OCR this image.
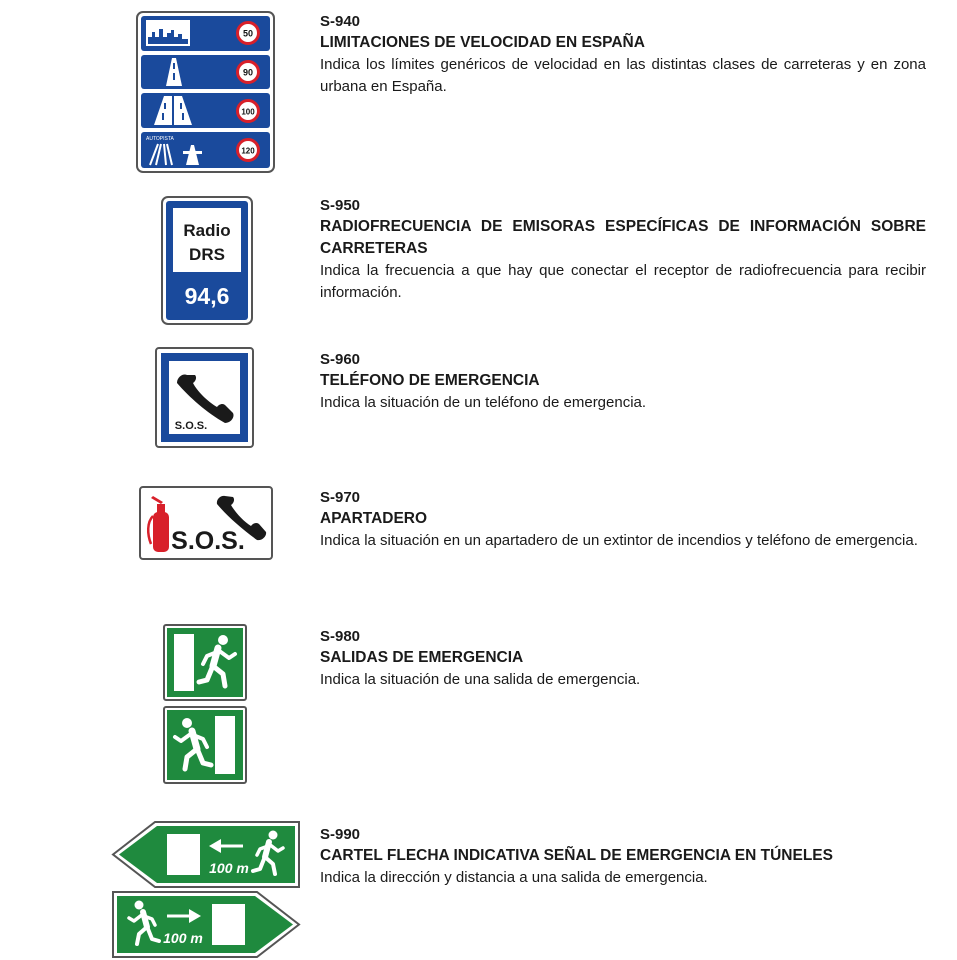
S-940
LIMITACIONES DE VELOCIDAD EN ESPAÑA
Indica los límites genéricos de velocidad en las distintas clases de carreteras y en zona urbana en España.
50
90
100
AUTOPISTA
120
S-950
RADIOFRECUENCIA DE EMISORAS ESPECÍFICAS DE INFORMACIÓN SOBRE CARRETERAS
Indica la frecuencia a que hay que conectar el receptor de radiofrecuencia para recibir información.
Radio
DRS
94,6
S-960
TELÉFONO DE EMERGENCIA
Indica la situación de un teléfono de emergencia.
S.O.S.
S-970
APARTADERO
Indica la situación en un apartadero de un extintor de incendios y teléfono de emergencia.
S.O.S.
S-980
SALIDAS DE EMERGENCIA
Indica la situación de una salida de emergencia.
S-990
CARTEL FLECHA INDICATIVA SEÑAL DE EMERGENCIA EN TÚNELES
Indica la dirección y distancia a una salida de emergencia.
100 m
100 m
